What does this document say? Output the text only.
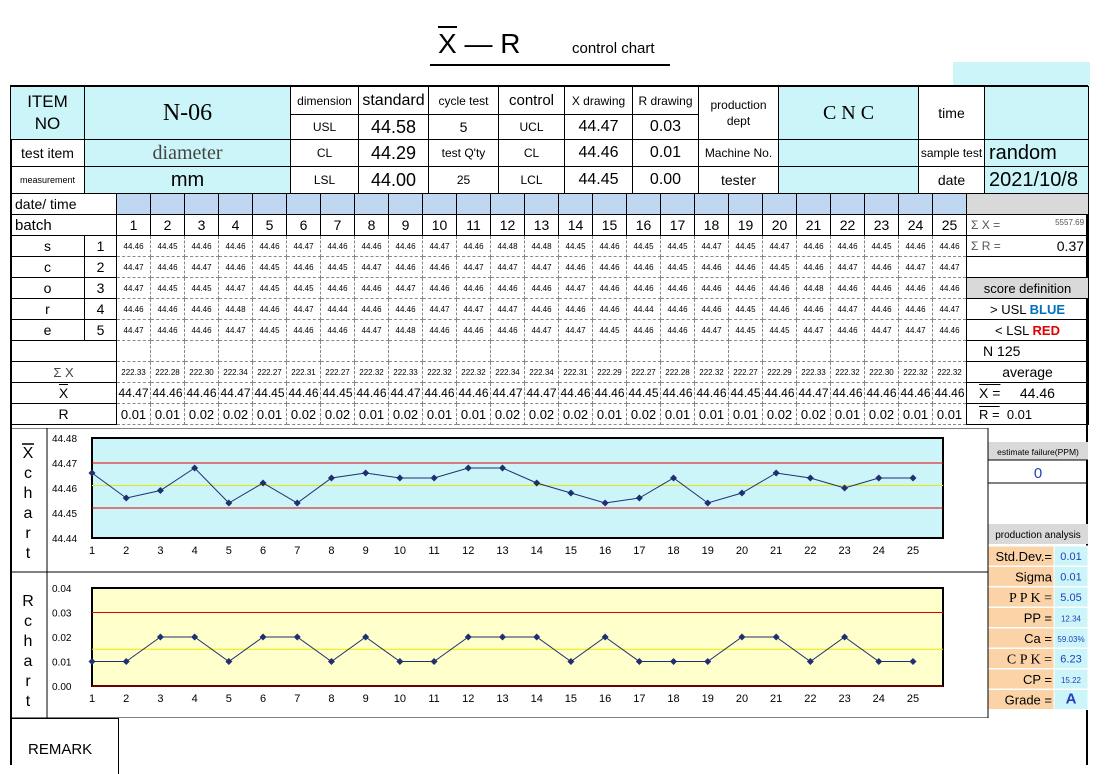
X — R	control chart
ITEM
NO	N-06	dimension	standard	cycle test	control	X drawing	R drawing	production dept	C N C	time	
		USL	44.58	5	UCL	44.47	0.03				
test item	diameter	CL	44.29	test Q'ty	CL	44.46	0.01	Machine No.		sample test	random
measurement	mm	LSL	44.00	25	LCL	44.45	0.00	tester		date	2021/10/8
date/ time																											
batch		1	2	3	4	5	6	7	8	9	10	11	12	13	14	15	16	17	18	19	20	21	22	23	24	25	Σ X = 5557.69

s	1	44.46	44.45	44.46	44.46	44.46	44.47	44.46	44.46	44.46	44.47	44.46	44.48	44.48	44.45	44.46	44.45	44.45	44.47	44.45	44.47	44.46	44.46	44.45	44.46	44.46	Σ R = 0.37

c	2	44.47	44.46	44.47	44.46	44.45	44.46	44.45	44.47	44.46	44.46	44.47	44.47	44.47	44.46	44.46	44.46	44.45	44.46	44.46	44.45	44.46	44.47	44.46	44.47	44.47	
o	3	44.47	44.45	44.45	44.47	44.45	44.45	44.46	44.46	44.47	44.46	44.46	44.46	44.46	44.47	44.46	44.46	44.46	44.46	44.46	44.46	44.48	44.46	44.46	44.46	44.46	score definition
r	4	44.46	44.46	44.46	44.48	44.46	44.47	44.44	44.46	44.46	44.47	44.47	44.47	44.46	44.46	44.46	44.44	44.46	44.46	44.45	44.46	44.46	44.47	44.46	44.46	44.47	> USL BLUE
e	5	44.47	44.46	44.46	44.47	44.45	44.46	44.46	44.47	44.48	44.46	44.46	44.46	44.47	44.47	44.45	44.46	44.46	44.47	44.45	44.45	44.47	44.46	44.47	44.47	44.46	< LSL RED
																											N 125
Σ X		222.33	222.28	222.30	222.34	222.27	222.31	222.27	222.32	222.33	222.32	222.32	222.34	222.34	222.31	222.29	222.27	222.28	222.32	222.27	222.29	222.33	222.32	222.30	222.32	222.32	average
X		44.47	44.46	44.46	44.47	44.45	44.46	44.45	44.46	44.47	44.46	44.46	44.47	44.47	44.46	44.46	44.45	44.46	44.46	44.45	44.46	44.47	44.46	44.46	44.46	44.46	X = 44.46
R		0.01	0.01	0.02	0.02	0.01	0.02	0.02	0.01	0.02	0.01	0.01	0.02	0.02	0.02	0.01	0.02	0.01	0.01	0.01	0.02	0.02	0.01	0.02	0.01	0.01	R = 0.01
44.48
44.47
44.46
44.45
44.44
1	2	3	4	5	6	7	8	9 10 11 12 13 14 15 16 17 18 19 20 21 22 23 24 25
X
c
h
a
r
t
0.04
0.03
0.02
0.01
0.00
1	2	3	4	5	6	7	8	9 10 11 12 13 14 15 16 17 18 19 20 21 22 23 24 25
R
c
h
a
r
t
estimate failure(PPM)
0
production analysis
Std.Dev.= 0.01
Sigma 0.01
P P K = 5.05
PP = 12.34
Ca = 59.03%
C P K = 6.23
CP = 15.22
Grade = A
REMARK
